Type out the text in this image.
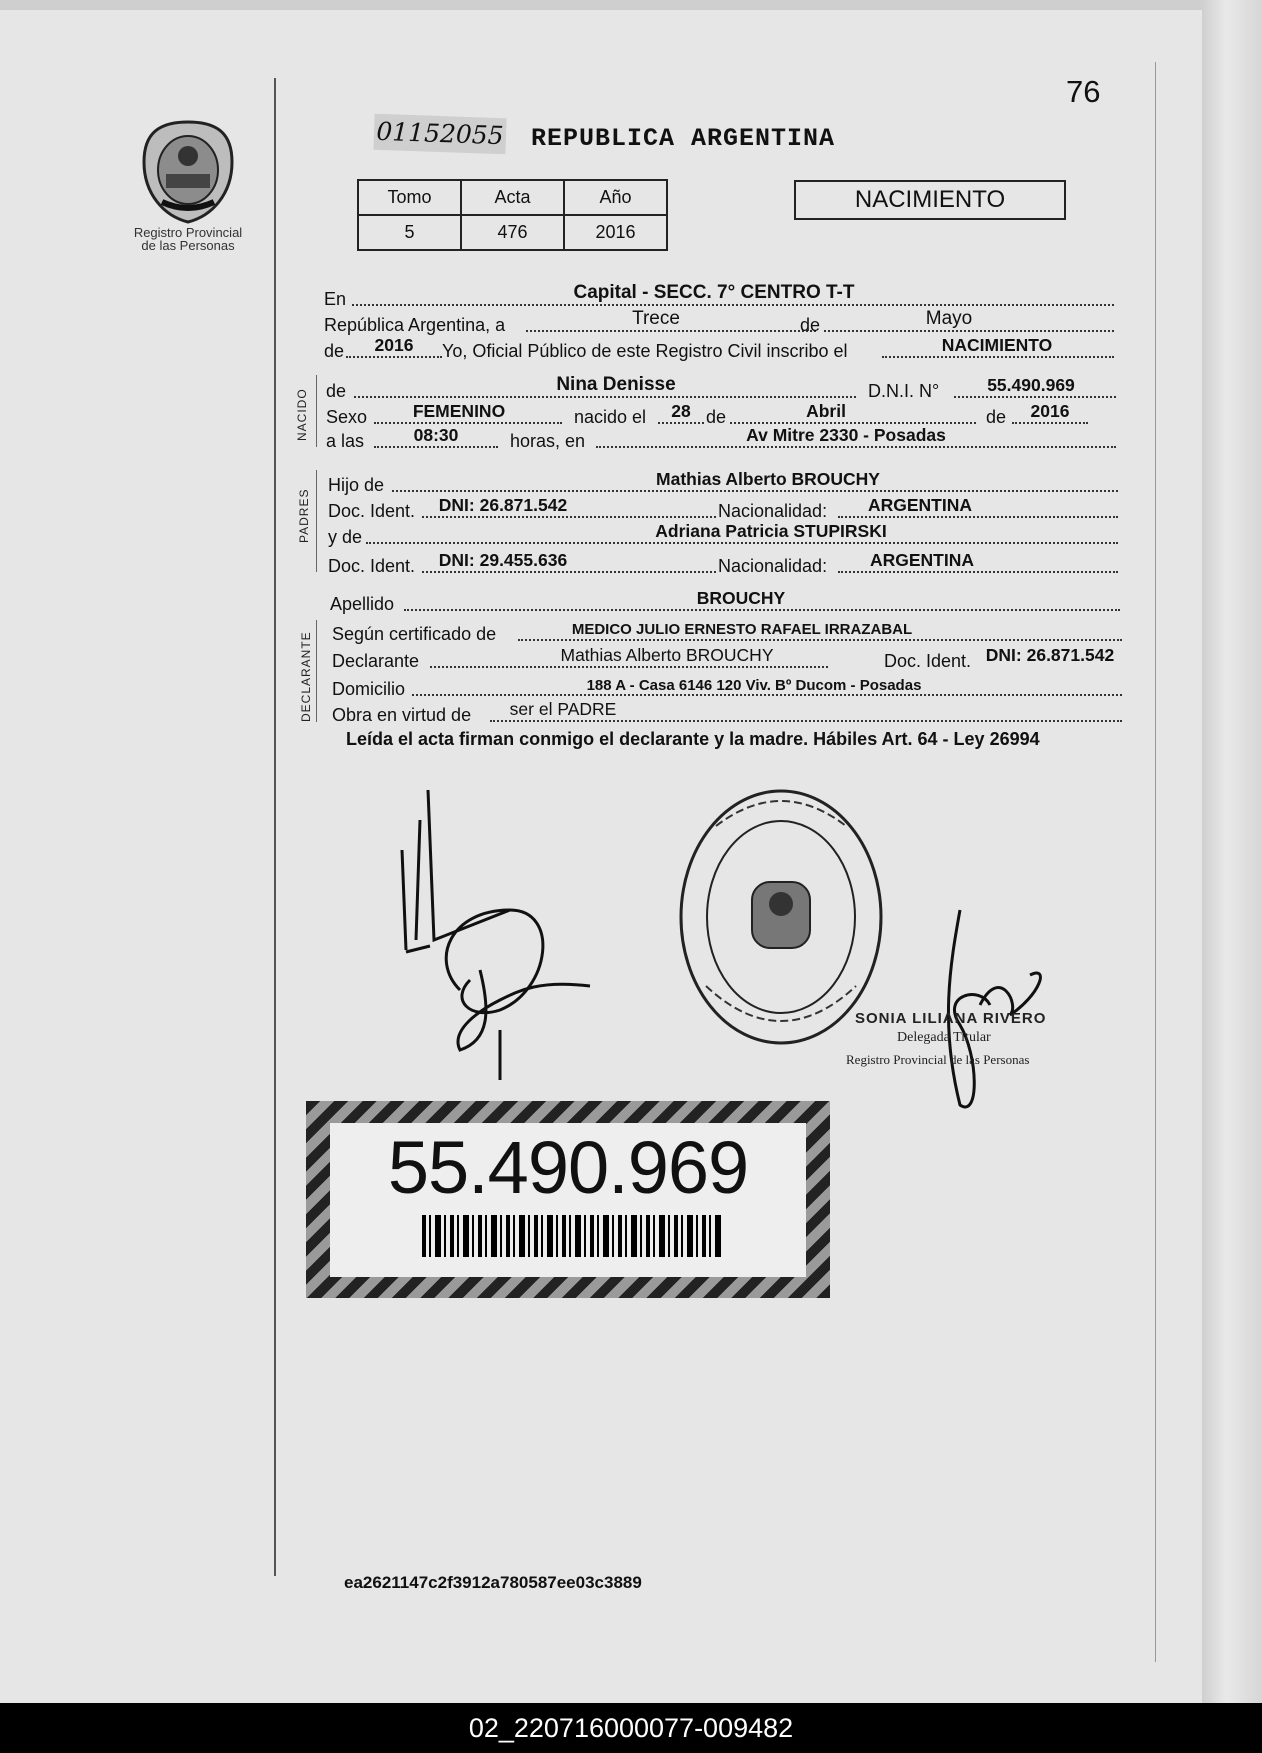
76
Registro Provincial
de las Personas
01152055 REPUBLICA ARGENTINA
Tomo	Acta	Año
5	476	2016
NACIMIENTO
En	Capital - SECC. 7° CENTRO T-T
República Argentina, a	Trece	de	Mayo
de	2016	Yo, Oficial Público de este Registro Civil inscribo el	NACIMIENTO
NACIDO de	Nina Denisse	D.N.I. N°	55.490.969
Sexo	FEMENINO	nacido el	28 de	Abril	de	2016
a las	08:30	horas, en	Av Mitre 2330 - Posadas
PADRES
Hijo de	Mathias Alberto BROUCHY
Doc. Ident.	DNI: 26.871.542	Nacionalidad:	ARGENTINA
y de	Adriana Patricia STUPIRSKI
Doc. Ident.	DNI: 29.455.636	Nacionalidad:	ARGENTINA
Apellido	BROUCHY
DECLARANTE Según certificado de	MEDICO JULIO ERNESTO RAFAEL IRRAZABAL
Declarante	Mathias Alberto BROUCHY	Doc. Ident. DNI: 26.871.542
Domicilio	188 A - Casa 6146 120 Viv. Bº Ducom - Posadas
Obra en virtud de ser el PADRE
Leída el acta firman conmigo el declarante y la madre. Hábiles Art. 64 - Ley 26994
SONIA LILIANA RIVERO
Delegada Titular
Registro Provincial de las Personas
55.490.969
ea2621147c2f3912a780587ee03c3889
02_220716000077-009482
